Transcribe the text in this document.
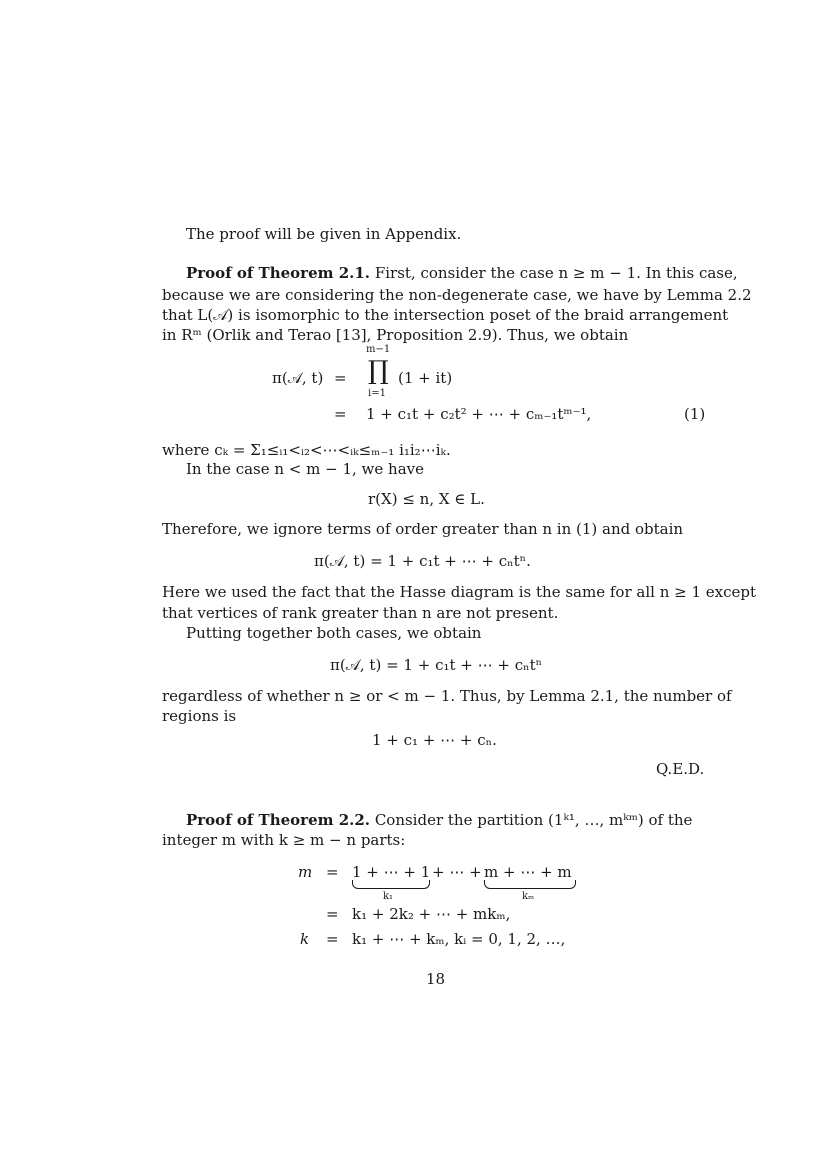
The proof will be given in Appendix.
Proof of Theorem 2.1. First, consider the case n ≥ m − 1. In this case,
because we are considering the non-degenerate case, we have by Lemma 2.2
that L(𝒜) is isomorphic to the intersection poset of the braid arrangement
in Rᵐ (Orlik and Terao [13], Proposition 2.9). Thus, we obtain
π(𝒜, t) =
m−1
∏
i=1
(1 + it)
= 1 + c₁t + c₂t² + ⋯ + cₘ₋₁tᵐ⁻¹,	(1)
where cₖ = Σ₁≤ᵢ₁<ᵢ₂<⋯<ᵢₖ≤ₘ₋₁ i₁i₂⋯iₖ.
In the case n < m − 1, we have
r(X) ≤ n, X ∈ L.
Therefore, we ignore terms of order greater than n in (1) and obtain
π(𝒜, t) = 1 + c₁t + ⋯ + cₙtⁿ.
Here we used the fact that the Hasse diagram is the same for all n ≥ 1 except
that vertices of rank greater than n are not present.
Putting together both cases, we obtain
π(𝒜, t) = 1 + c₁t + ⋯ + cₙtⁿ
regardless of whether n ≥ or < m − 1. Thus, by Lemma 2.1, the number of
regions is
1 + c₁ + ⋯ + cₙ.
Q.E.D.
Proof of Theorem 2.2. Consider the partition (1ᵏ¹, …, mᵏᵐ) of the
integer m with k ≥ m − n parts:
m = 1 + ⋯ + 1
k₁
+ ⋯ + m + ⋯ + m
kₘ
= k₁ + 2k₂ + ⋯ + mkₘ,
k = k₁ + ⋯ + kₘ, kᵢ = 0, 1, 2, …,
18
